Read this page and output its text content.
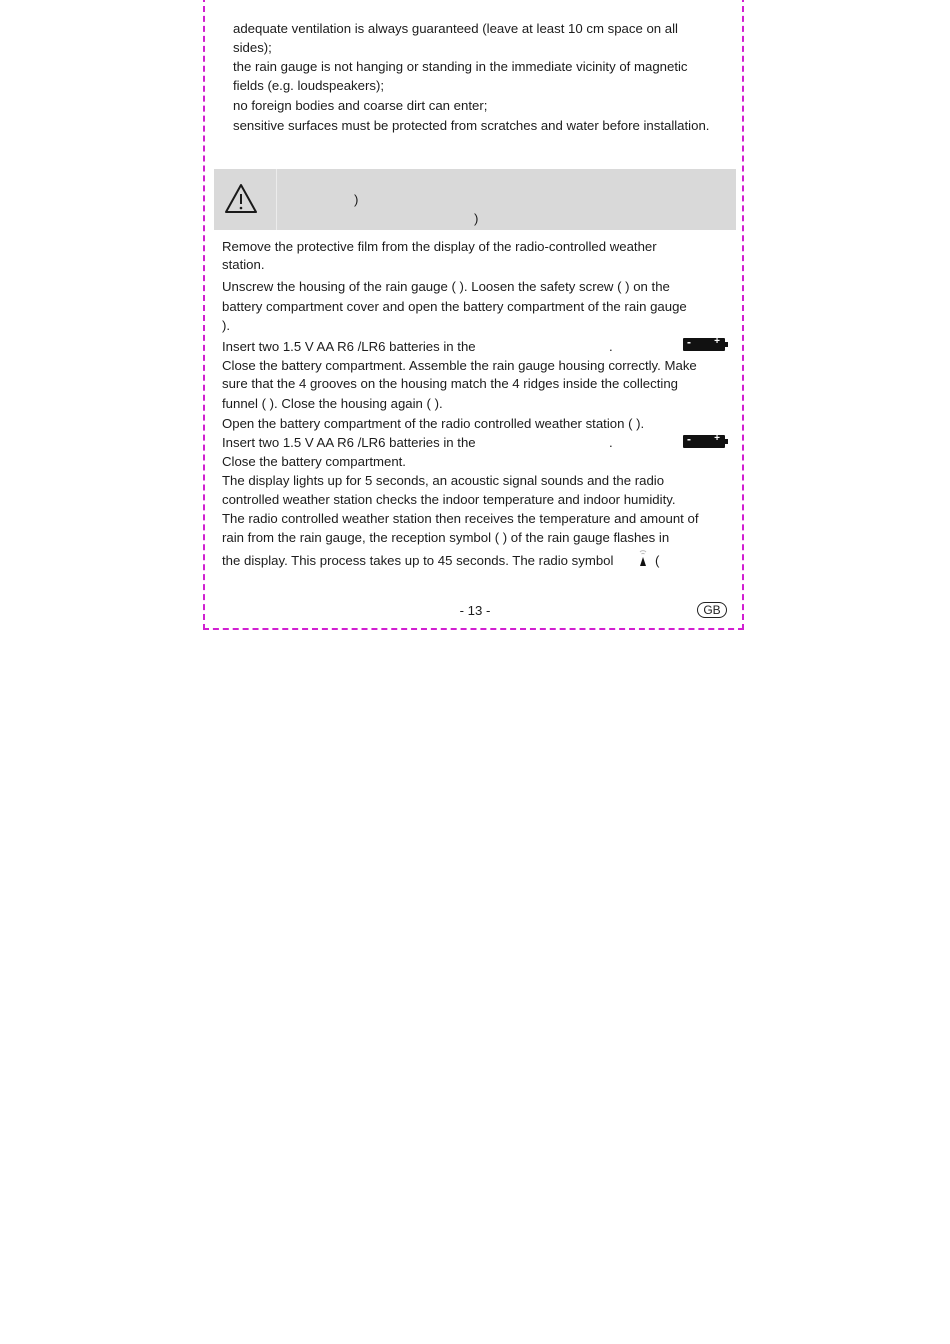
adequate ventilation is always guaranteed (leave at least 10 cm space on all
sides);
the rain gauge is not hanging or standing in the immediate vicinity of magnetic
fields (e.g. loudspeakers);
no foreign bodies and coarse dirt can enter;
sensitive surfaces must be protected from scratches and water before installation.
)
)
Remove the protective film from the display of the radio-controlled weather
station.
Unscrew the housing of the rain gauge ( ). Loosen the safety screw ( ) on the
battery compartment cover and open the battery compartment of the rain gauge
).
Insert two 1.5 V AA R6 /LR6 batteries in the	.
Close the battery compartment. Assemble the rain gauge housing correctly. Make
sure that the 4 grooves on the housing match the 4 ridges inside the collecting
funnel ( ). Close the housing again ( ).
Open the battery compartment of the radio controlled weather station ( ).
Insert two 1.5 V AA R6 /LR6 batteries in the	.
Close the battery compartment.
The display lights up for 5 seconds, an acoustic signal sounds and the radio
controlled weather station checks the indoor temperature and indoor humidity.
The radio controlled weather station then receives the temperature and amount of
rain from the rain gauge, the reception symbol ( ) of the rain gauge flashes in
the display. This process takes up to 45 seconds. The radio symbol	(
- +
- +
- 13 -	GB
